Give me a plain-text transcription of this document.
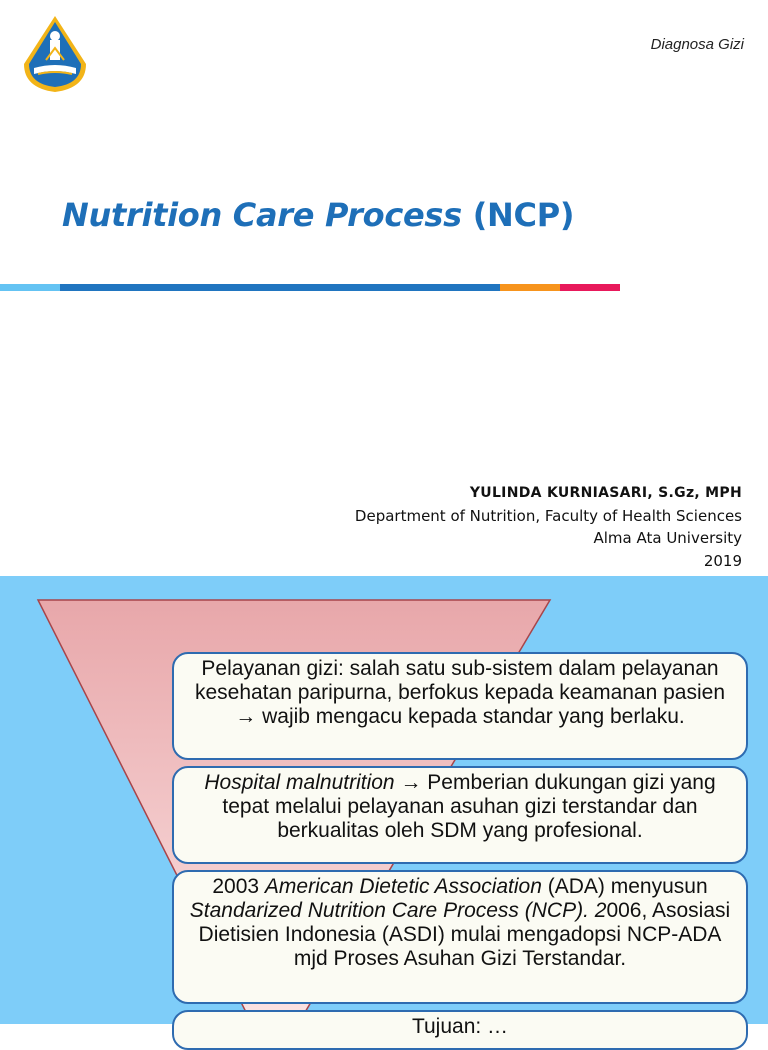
Diagnosa Gizi
Nutrition Care Process (NCP)
YULINDA KURNIASARI, S.Gz, MPH
Department of Nutrition, Faculty of Health Sciences
Alma Ata University
2019

Pelayanan gizi: salah satu sub-sistem dalam pelayanan kesehatan paripurna, berfokus kepada keamanan pasien → wajib mengacu kepada standar yang berlaku.

Hospital malnutrition → Pemberian dukungan gizi yang tepat melalui pelayanan asuhan gizi terstandar dan berkualitas oleh SDM yang profesional.

2003 American Dietetic Association (ADA) menyusun Standarized Nutrition Care Process (NCP). 2006, Asosiasi Dietisien Indonesia (ASDI) mulai mengadopsi NCP-ADA mjd Proses Asuhan Gizi Terstandar.

Tujuan: …
